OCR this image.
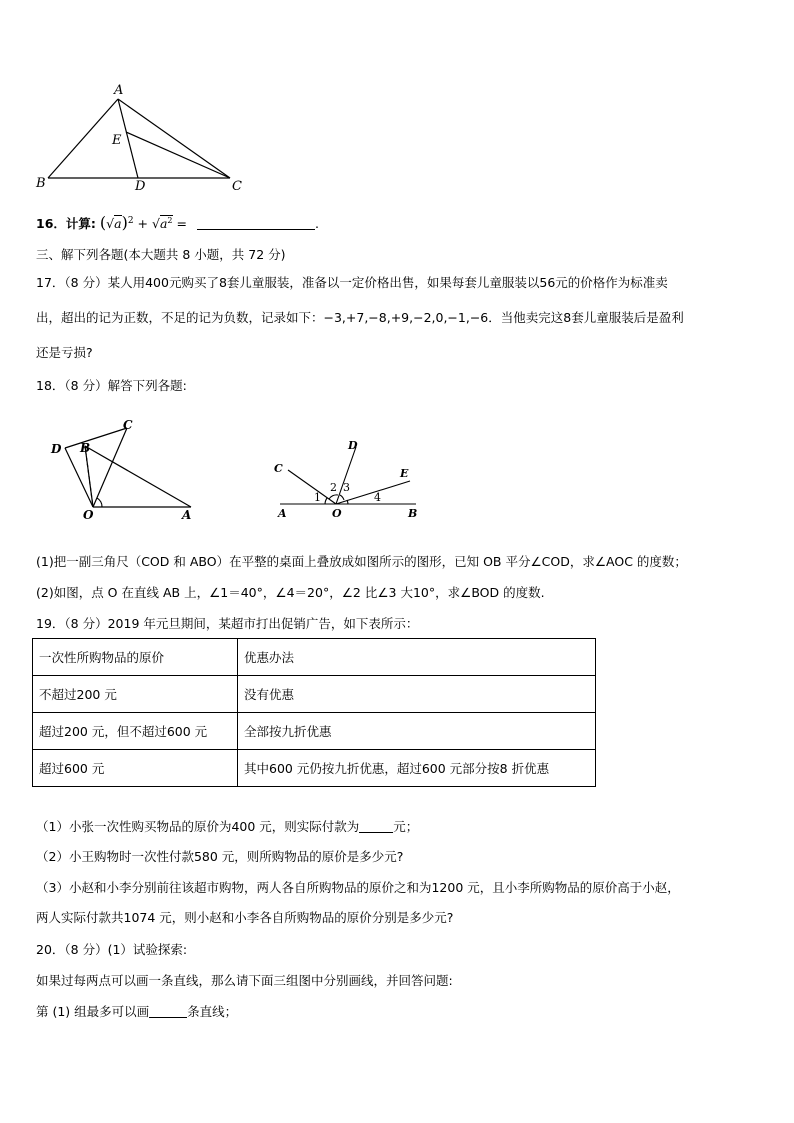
A
E
B	D	C
16．计算: $(√a)^2 + √a^2$ =	.
三、解下列各题(本大题共 8 小题，共 72 分)
17．（8 分）某人用400元购买了8套儿童服装，准备以一定价格出售，如果每套儿童服装以56元的价格作为标准卖
出，超出的记为正数，不足的记为负数，记录如下：−3,+7,−8,+9,−2,0,−1,−6．当他卖完这8套儿童服装后是盈利
还是亏损?
18．（8 分）解答下列各题:
D B
C
O	A
C
D
E
1
2 3
4
A	O	B
(1)把一副三角尺（COD 和 ABO）在平整的桌面上叠放成如图所示的图形，已知 OB 平分∠COD，求∠AOC 的度数；
(2)如图，点 O 在直线 AB 上，∠1＝40°，∠4＝20°，∠2 比∠3 大10°，求∠BOD 的度数.
19．（8 分）2019 年元旦期间，某超市打出促销广告，如下表所示：
一次性所购物品的原价	优惠办法
不超过200 元	没有优惠
超过200 元，但不超过600 元	全部按九折优惠
超过600 元	其中600 元仍按九折优惠，超过600 元部分按8 折优惠
（1）小张一次性购买物品的原价为400 元，则实际付款为	元；
（2）小王购物时一次性付款580 元，则所购物品的原价是多少元?
（3）小赵和小李分别前往该超市购物，两人各自所购物品的原价之和为1200 元，且小李所购物品的原价高于小赵，
两人实际付款共1074 元，则小赵和小李各自所购物品的原价分别是多少元?
20．（8 分）(1）试验探索:
如果过每两点可以画一条直线，那么请下面三组图中分别画线，并回答问题:
第 (1) 组最多可以画	条直线；
